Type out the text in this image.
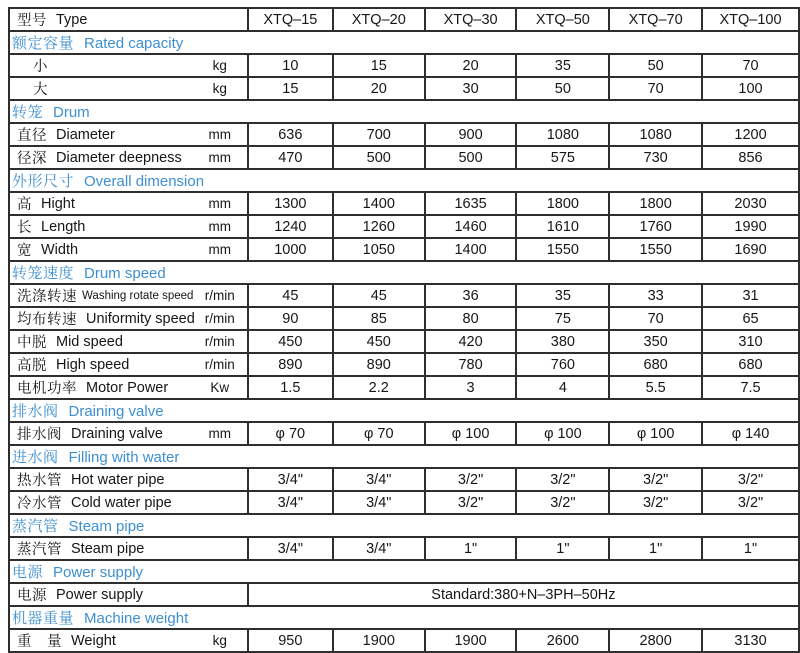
型号 Type	XTQ–15	XTQ–20	XTQ–30	XTQ–50	XTQ–70	XTQ–100
额定容量 Rated capacity						

小 kg	10	15	20	35	50	70

大 kg	15	20	30	50	70	100
转笼 Drum						

直径 Diameter mm	636	700	900	1080	1080	1200

径深 Diameter deepness mm	470	500	500	575	730	856
外形尺寸 Overall dimension						

高 Hight mm	1300	1400	1635	1800	1800	2030

长 Length mm	1240	1260	1460	1610	1760	1990

宽 Width mm	1000	1050	1400	1550	1550	1690
转笼速度 Drum speed						

洗涤转速 Washing rotate speed r/min	45	45	36	35	33	31

均布转速 Uniformity speed r/min	90	85	80	75	70	65

中脱 Mid speed r/min	450	450	420	380	350	310

高脱 High speed r/min	890	890	780	760	680	680

电机功率 Motor Power Kw	1.5	2.2	3	4	5.5	7.5
排水阀 Draining valve						

排水阀 Draining valve mm	φ 70	φ 70	φ 100	φ 100	φ 100	φ 140
进水阀 Filling with water						

热水管 Hot water pipe	3/4"	3/4"	3/2"	3/2"	3/2"	3/2"

冷水管 Cold water pipe	3/4"	3/4"	3/2"	3/2"	3/2"	3/2"
蒸汽管 Steam pipe						

蒸汽管 Steam pipe	3/4"	3/4"	1"	1"	1"	1"
电源 Power supply						

电源 Power supply	Standard:380+N–3PH–50Hz					
机器重量 Machine weight						

重　量 Weight kg	950	1900	1900	2600	2800	3130
